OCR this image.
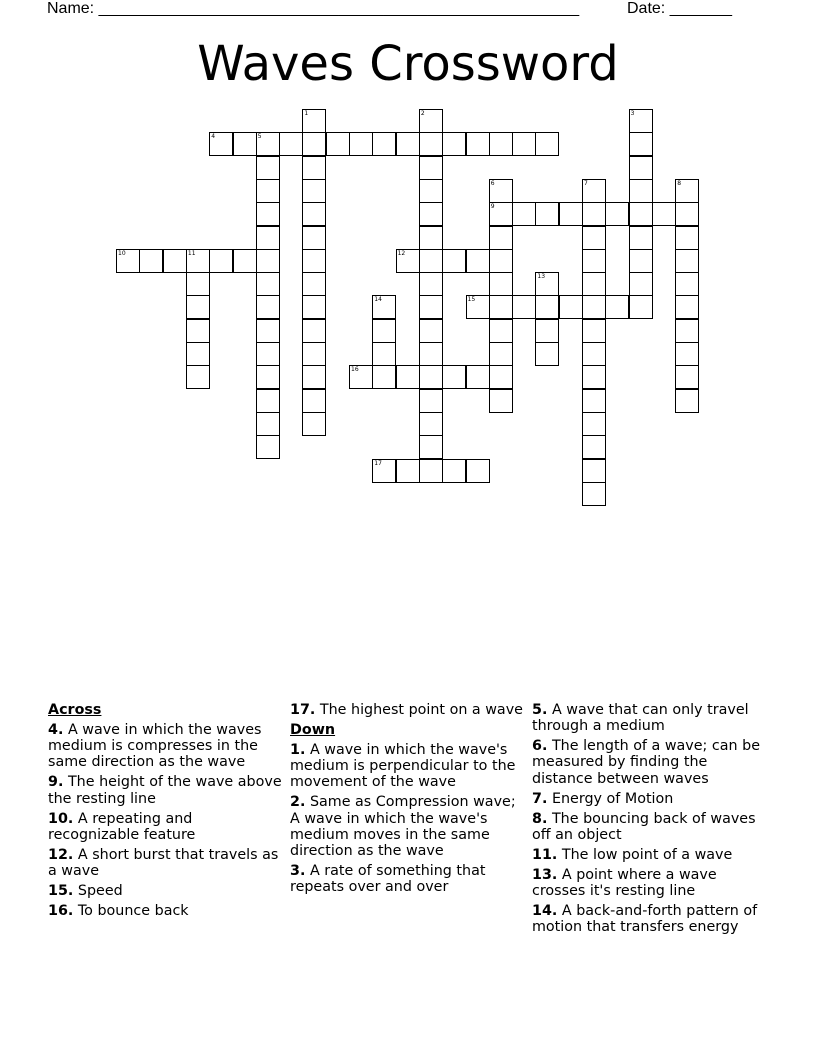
Name: ______________________________________________________	Date: _______
Waves Crossword
1	2	3
4	5
6
9
7	8
10	11	12
13
14	15
16
17
Across
4. A wave in which the waves medium is compresses in the same direction as the wave
9. The height of the wave above the resting line
10. A repeating and recognizable feature
12. A short burst that travels as a wave
15. Speed
16. To bounce back
17. The highest point on a wave
Down
1. A wave in which the wave's medium is perpendicular to the movement of the wave
2. Same as Compression wave; A wave in which the wave's medium moves in the same direction as the wave
3. A rate of something that repeats over and over
5. A wave that can only travel through a medium
6. The length of a wave; can be measured by finding the distance between waves
7. Energy of Motion
8. The bouncing back of waves off an object
11. The low point of a wave
13. A point where a wave crosses it's resting line
14. A back-and-forth pattern of motion that transfers energy
